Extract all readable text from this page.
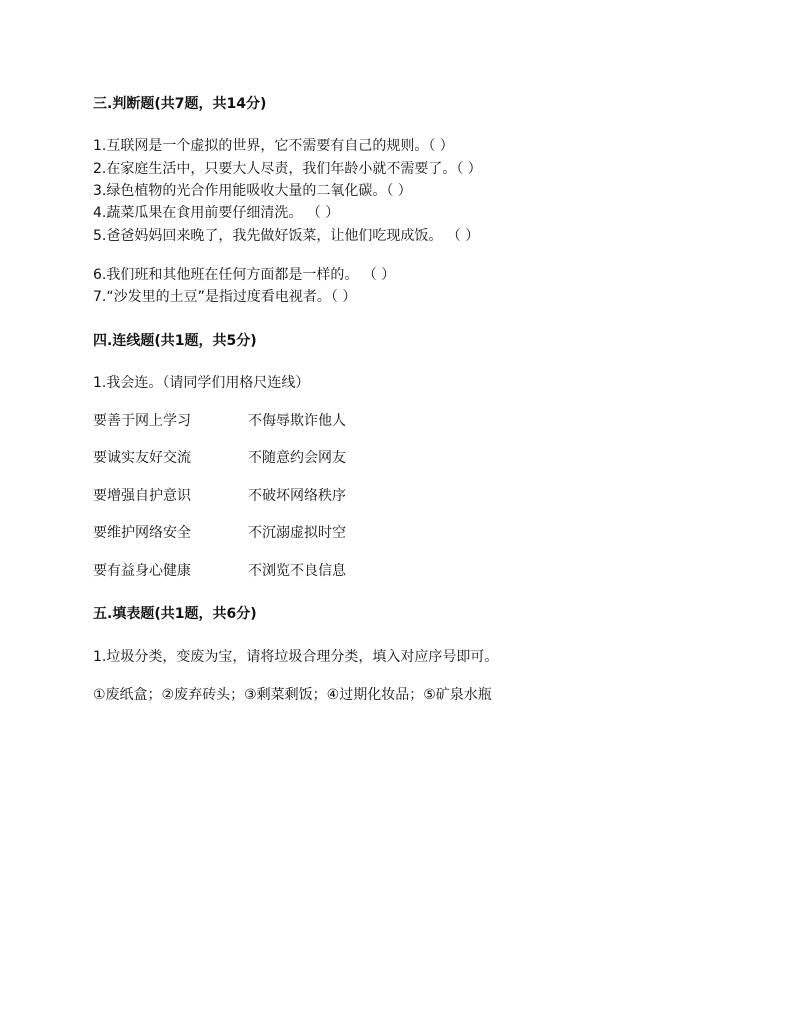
三.判断题(共7题，共14分)
1.互联网是一个虚拟的世界，它不需要有自己的规则。（ ）
2.在家庭生活中，只要大人尽责，我们年龄小就不需要了。（ ）
3.绿色植物的光合作用能吸收大量的二氧化碳。（ ）
4.蔬菜瓜果在食用前要仔细清洗。 （ ）
5.爸爸妈妈回来晚了，我先做好饭菜，让他们吃现成饭。 （ ）
6.我们班和其他班在任何方面都是一样的。 （ ）
7.“沙发里的土豆”是指过度看电视者。（ ）
四.连线题(共1题，共5分)
1.我会连。（请同学们用格尺连线）
要善于网上学习	不侮辱欺诈他人
要诚实友好交流	不随意约会网友
要增强自护意识	不破坏网络秩序
要维护网络安全	不沉溺虚拟时空
要有益身心健康	不浏览不良信息
五.填表题(共1题，共6分)
1.垃圾分类，变废为宝，请将垃圾合理分类，填入对应序号即可。
①废纸盒；②废弃砖头；③剩菜剩饭；④过期化妆品；⑤矿泉水瓶
